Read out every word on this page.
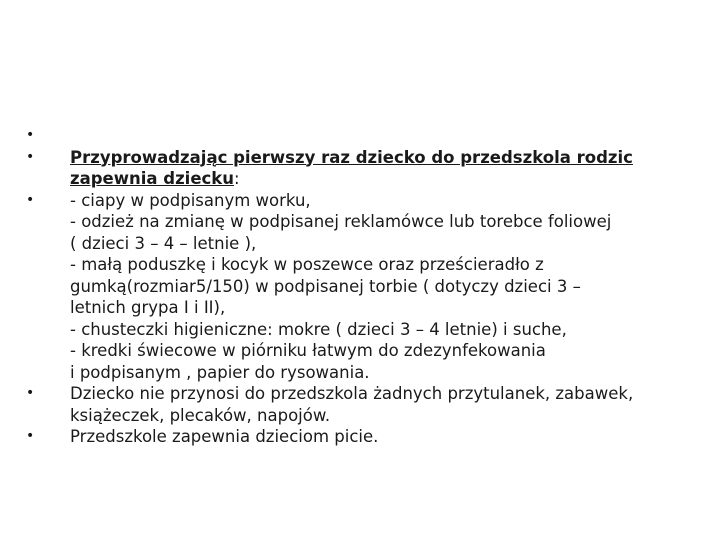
•

• Przyprowadzając pierwszy raz dziecko do przedszkola rodzic
zapewnia dziecku:
• - ciapy w podpisanym worku,
- odzież na zmianę w podpisanej reklamówce lub torebce foliowej
( dzieci 3 – 4 – letnie ),
- małą poduszkę i kocyk w poszewce oraz prześcieradło z
gumką(rozmiar5/150) w podpisanej torbie ( dotyczy dzieci 3 –
letnich grypa I i II),
- chusteczki higieniczne: mokre ( dzieci 3 – 4 letnie) i suche,
- kredki świecowe w piórniku łatwym do zdezynfekowania
i podpisanym , papier do rysowania.
• Dziecko nie przynosi do przedszkola żadnych przytulanek, zabawek,
książeczek, plecaków, napojów.
• Przedszkole zapewnia dzieciom picie.
